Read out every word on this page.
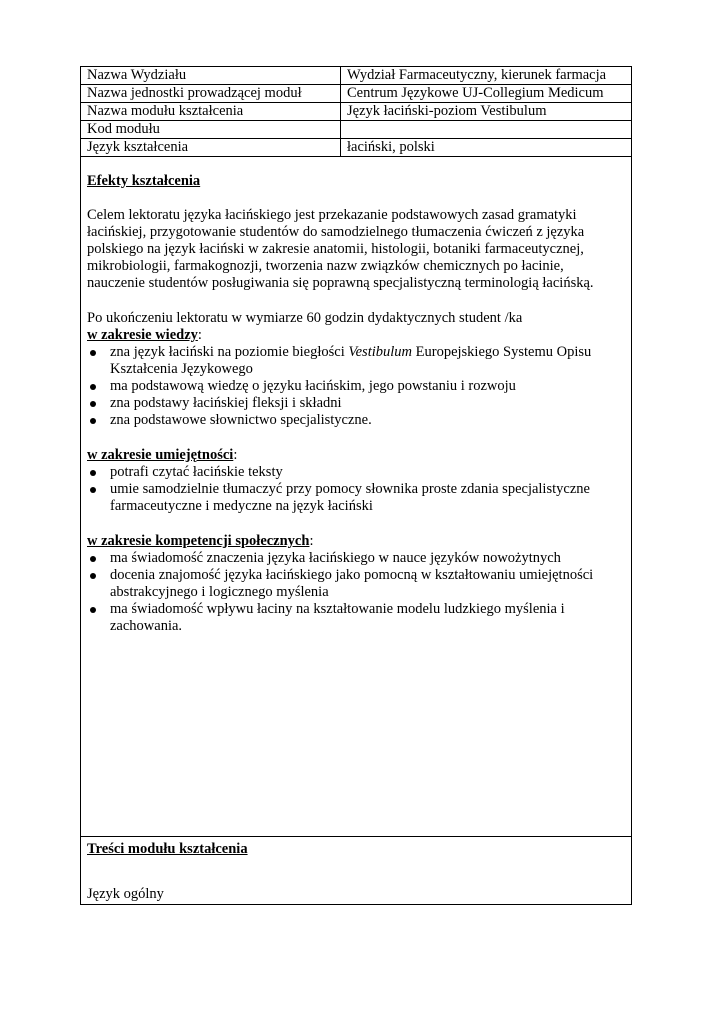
Nazwa Wydziału	Wydział Farmaceutyczny, kierunek farmacja
Nazwa jednostki prowadzącej moduł	Centrum Językowe UJ-Collegium Medicum
Nazwa modułu kształcenia	Język łaciński-poziom Vestibulum
Kod modułu	
Język kształcenia	łaciński, polski

Efekty kształcenia

Celem lektoratu języka łacińskiego jest przekazanie podstawowych zasad gramatyki łacińskiej, przygotowanie studentów do samodzielnego tłumaczenia ćwiczeń z języka polskiego na język łaciński w zakresie anatomii, histologii, botaniki farmaceutycznej, mikrobiologii, farmakognozji, tworzenia nazw związków chemicznych po łacinie, nauczenie studentów posługiwania się poprawną specjalistyczną terminologią łacińską.

Po ukończeniu lektoratu w wymiarze 60 godzin dydaktycznych student /ka

w zakresie wiedzy:

zna język łaciński na poziomie biegłości Vestibulum Europejskiego Systemu Opisu Kształcenia Językowego
ma podstawową wiedzę o języku łacińskim, jego powstaniu i rozwoju
zna podstawy łacińskiej fleksji i składni
zna podstawowe słownictwo specjalistyczne.

w zakresie umiejętności:

potrafi czytać łacińskie teksty
umie samodzielnie tłumaczyć przy pomocy słownika proste zdania specjalistyczne farmaceutyczne i medyczne na język łaciński

w zakresie kompetencji społecznych:

ma świadomość znaczenia języka łacińskiego w nauce języków nowożytnych
docenia znajomość języka łacińskiego jako pomocną w kształtowaniu umiejętności abstrakcyjnego i logicznego myślenia
ma świadomość wpływu łaciny na kształtowanie modelu ludzkiego myślenia i zachowania.

Treści modułu kształcenia

Język ogólny
